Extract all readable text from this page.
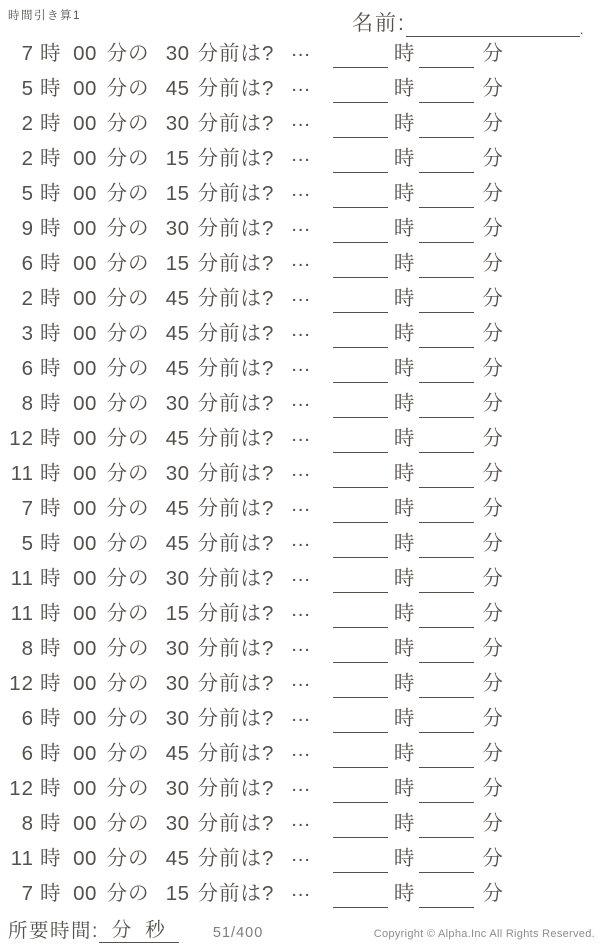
時間引き算1	名前:	.
7 時 00 分の 30 分前は? …	時	分
5 時 00 分の 45 分前は? …	時	分
2 時 00 分の 30 分前は? …	時	分
2 時 00 分の 15 分前は? …	時	分
5 時 00 分の 15 分前は? …	時	分
9 時 00 分の 30 分前は? …	時	分
6 時 00 分の 15 分前は? …	時	分
2 時 00 分の 45 分前は? …	時	分
3 時 00 分の 45 分前は? …	時	分
6 時 00 分の 45 分前は? …	時	分
8 時 00 分の 30 分前は? …	時	分
12 時 00 分の 45 分前は? …	時	分
11 時 00 分の 30 分前は? …	時	分
7 時 00 分の 45 分前は? …	時	分
5 時 00 分の 45 分前は? …	時	分
11 時 00 分の 30 分前は? …	時	分
11 時 00 分の 15 分前は? …	時	分
8 時 00 分の 30 分前は? …	時	分
12 時 00 分の 30 分前は? …	時	分
6 時 00 分の 30 分前は? …	時	分
6 時 00 分の 45 分前は? …	時	分
12 時 00 分の 30 分前は? …	時	分
8 時 00 分の 30 分前は? …	時	分
11 時 00 分の 45 分前は? …	時	分
7 時 00 分の 15 分前は? …	時	分
所要時間: 分 秒	51/400	Copyright © Alpha.Inc All Rights Reserved.
